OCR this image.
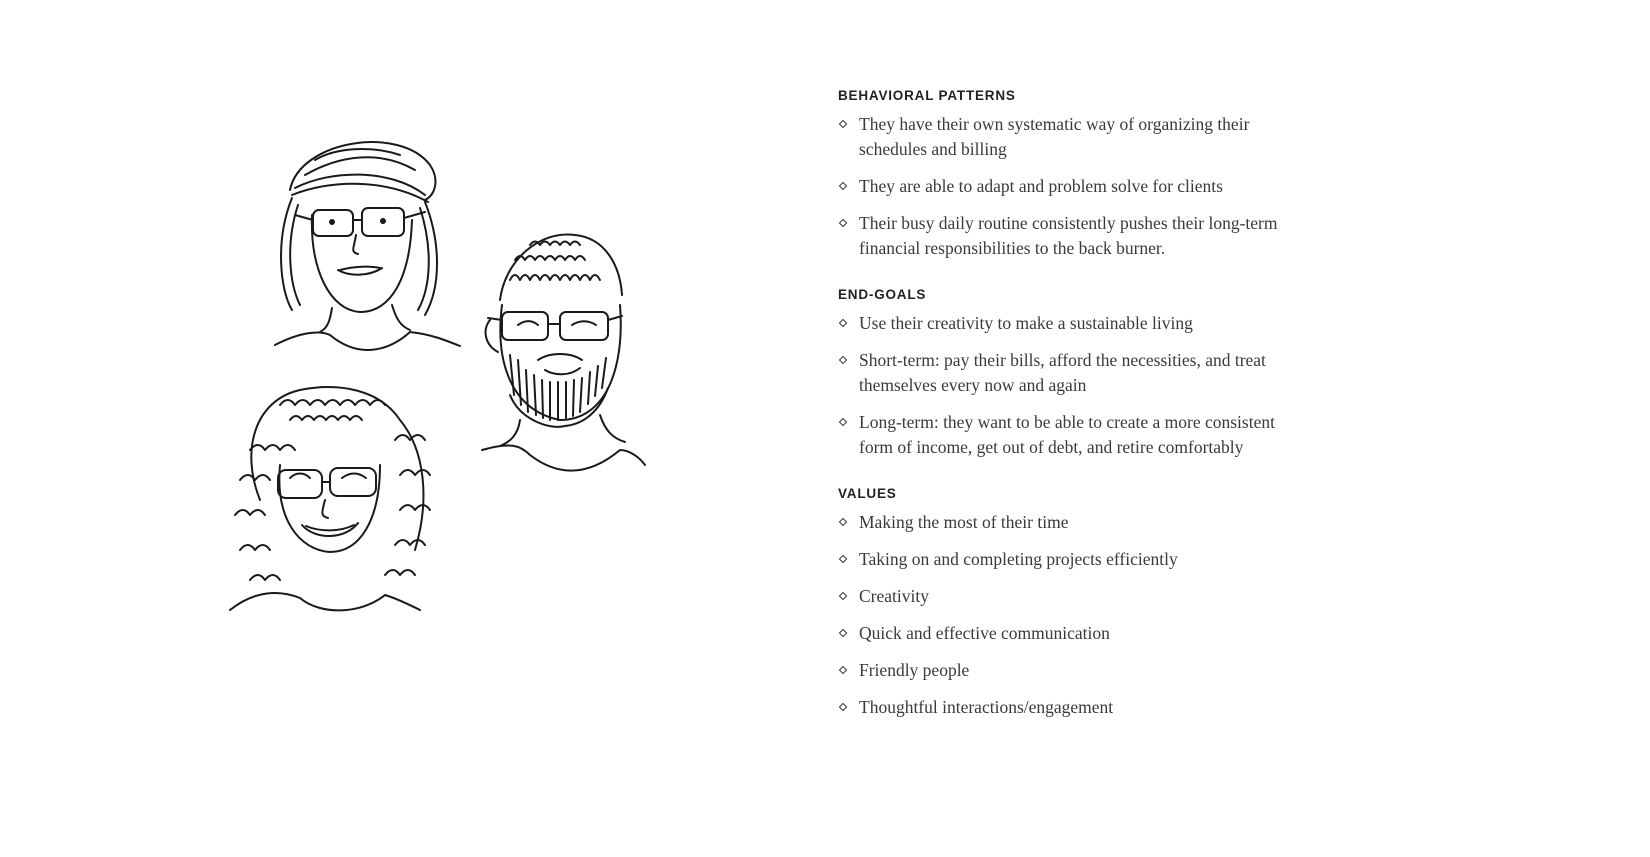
BEHAVIORAL PATTERNS
They have their own systematic way of organizing their schedules and billing
They are able to adapt and problem solve for clients
Their busy daily routine consistently pushes their long-term financial responsibilities to the back burner.
END-GOALS
Use their creativity to make a sustainable living
Short-term: pay their bills, afford the necessities, and treat themselves every now and again
Long-term: they want to be able to create a more consistent form of income, get out of debt, and retire comfortably
VALUES
Making the most of their time
Taking on and completing projects efficiently
Creativity
Quick and effective communication
Friendly people
Thoughtful interactions/engagement
